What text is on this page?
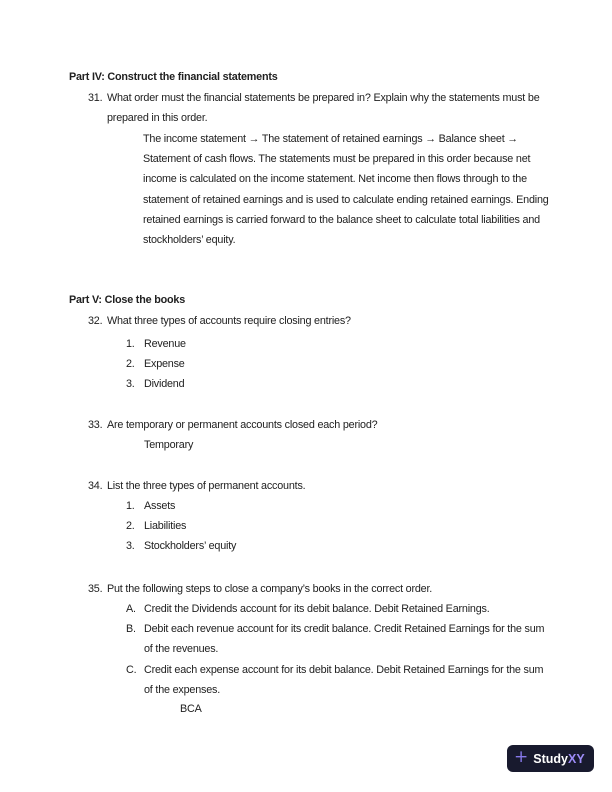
Part IV: Construct the financial statements
31. What order must the financial statements be prepared in? Explain why the statements must be
prepared in this order.
The income statement → The statement of retained earnings → Balance sheet →
Statement of cash flows. The statements must be prepared in this order because net
income is calculated on the income statement. Net income then flows through to the
statement of retained earnings and is used to calculate ending retained earnings. Ending
retained earnings is carried forward to the balance sheet to calculate total liabilities and
stockholders’ equity.
Part V: Close the books
32. What three types of accounts require closing entries?
1. Revenue
2. Expense
3. Dividend
33. Are temporary or permanent accounts closed each period?
Temporary
34. List the three types of permanent accounts.
1. Assets
2. Liabilities
3. Stockholders’ equity
35. Put the following steps to close a company’s books in the correct order.
A. Credit the Dividends account for its debit balance. Debit Retained Earnings.
B. Debit each revenue account for its credit balance. Credit Retained Earnings for the sum
of the revenues.
C. Credit each expense account for its debit balance. Debit Retained Earnings for the sum
of the expenses.
BCA
+ Study XY
